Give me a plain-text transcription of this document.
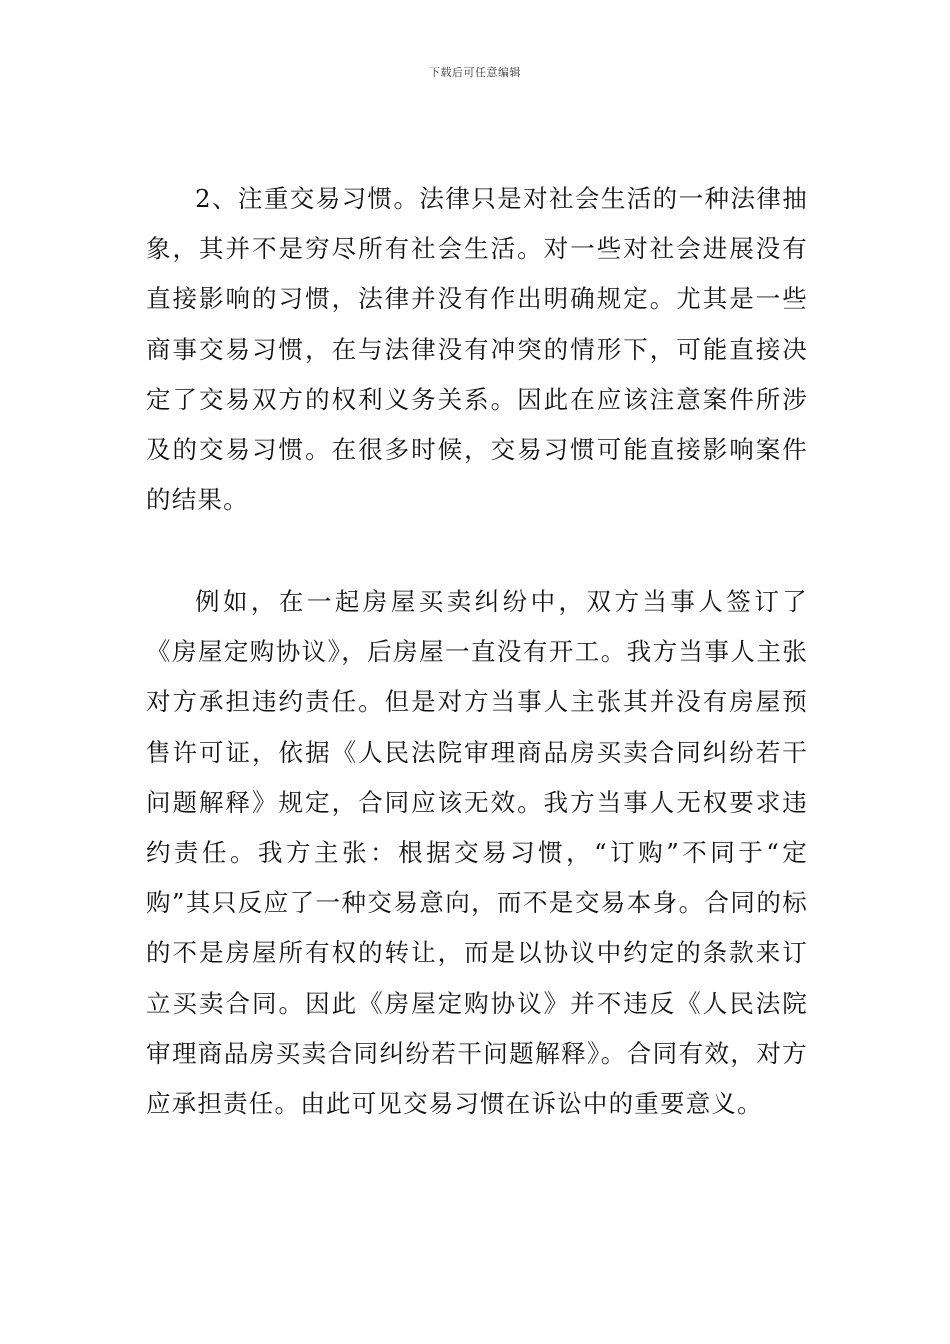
下载后可任意编辑

2、注重交易习惯。法律只是对社会生活的一种法律抽象，其并不是穷尽所有社会生活。对一些对社会进展没有直接影响的习惯，法律并没有作出明确规定。尤其是一些商事交易习惯，在与法律没有冲突的情形下，可能直接决定了交易双方的权利义务关系。因此在应该注意案件所涉及的交易习惯。在很多时候，交易习惯可能直接影响案件的结果。

例如，在一起房屋买卖纠纷中，双方当事人签订了《房屋定购协议》，后房屋一直没有开工。我方当事人主张对方承担违约责任。但是对方当事人主张其并没有房屋预售许可证，依据《人民法院审理商品房买卖合同纠纷若干问题解释》规定，合同应该无效。我方当事人无权要求违约责任。我方主张：根据交易习惯，“订购”不同于“定购”其只反应了一种交易意向，而不是交易本身。合同的标的不是房屋所有权的转让，而是以协议中约定的条款来订立买卖合同。因此《房屋定购协议》并不违反《人民法院审理商品房买卖合同纠纷若干问题解释》。合同有效，对方应承担责任。由此可见交易习惯在诉讼中的重要意义。
